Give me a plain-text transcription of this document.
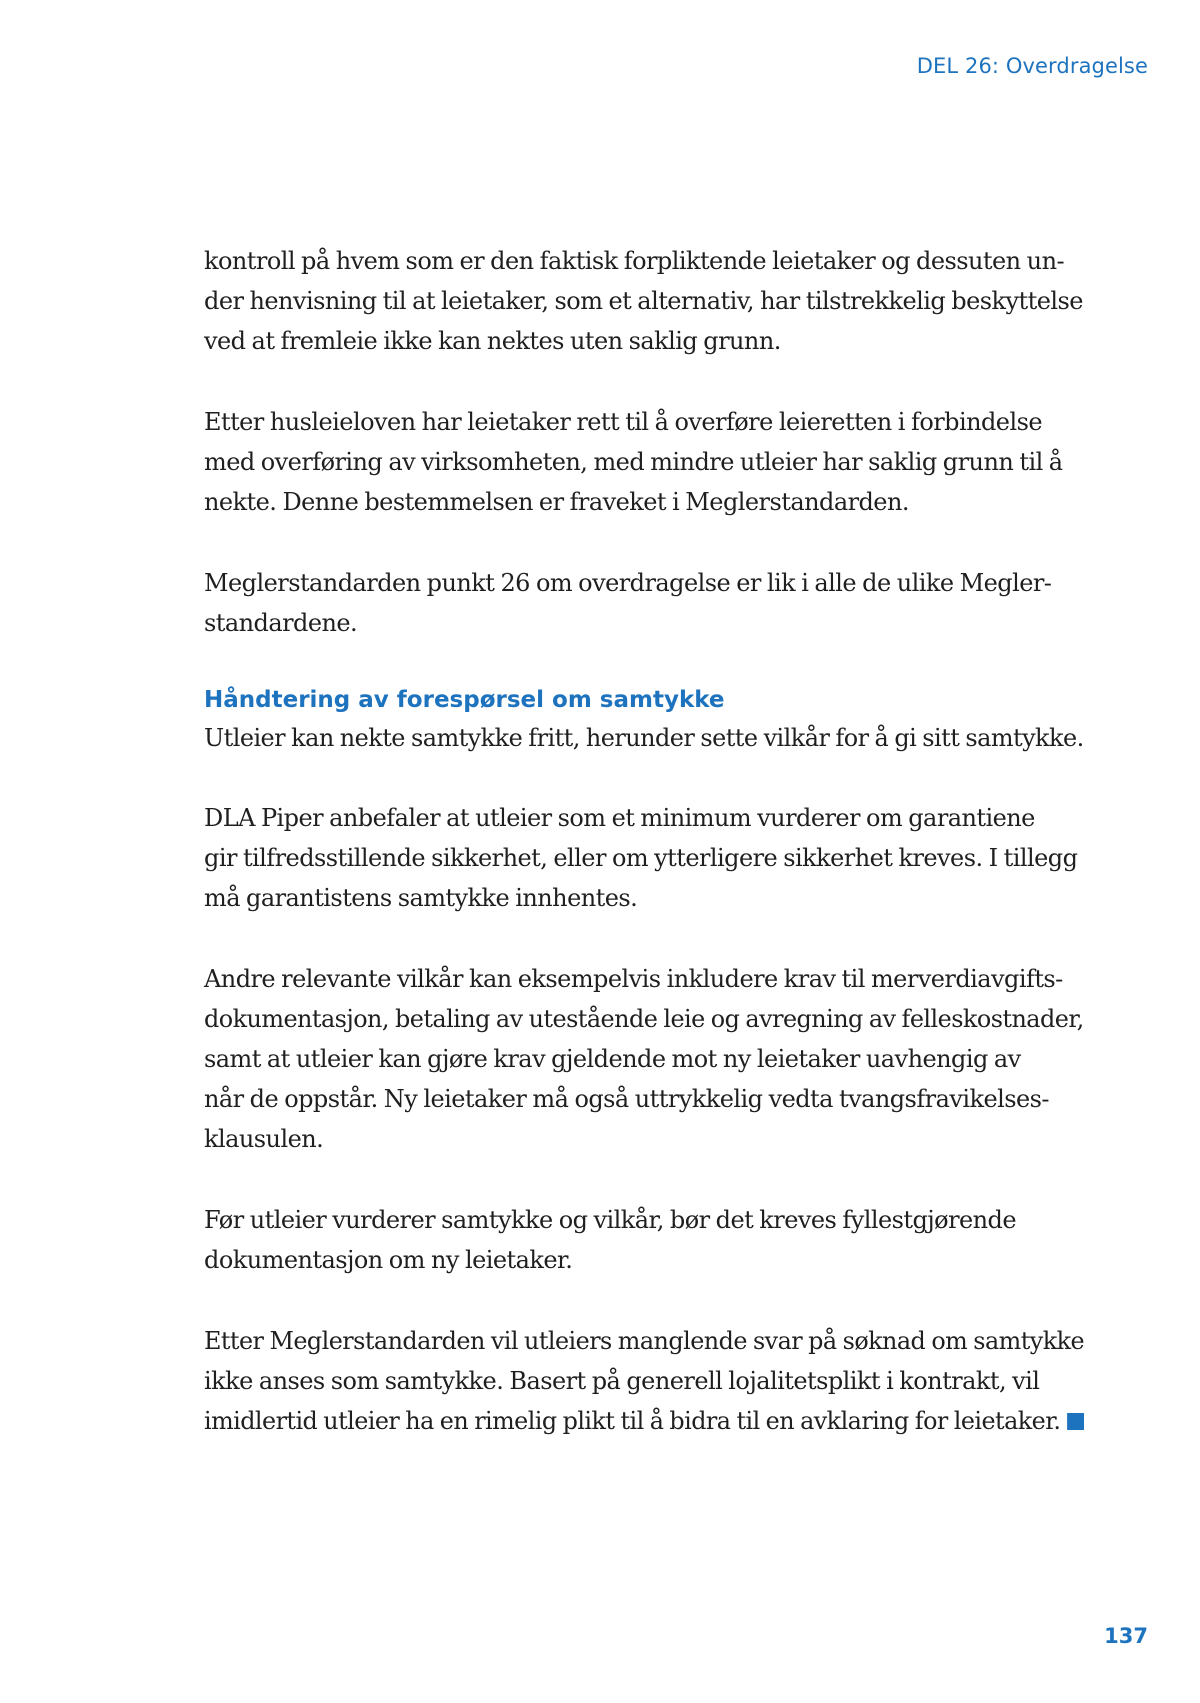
DEL 26: Overdragelse
kontroll på hvem som er den faktisk forpliktende leietaker og dessuten un-
der henvisning til at leietaker, som et alternativ, har tilstrekkelig beskyttelse
ved at fremleie ikke kan nektes uten saklig grunn.
Etter husleieloven har leietaker rett til å overføre leieretten i forbindelse
med overføring av virksomheten, med mindre utleier har saklig grunn til å
nekte. Denne bestemmelsen er fraveket i Meglerstandarden.
Meglerstandarden punkt 26 om overdragelse er lik i alle de ulike Megler-
standardene.
Håndtering av forespørsel om samtykke
Utleier kan nekte samtykke fritt, herunder sette vilkår for å gi sitt samtykke.
DLA Piper anbefaler at utleier som et minimum vurderer om garantiene
gir tilfredsstillende sikkerhet, eller om ytterligere sikkerhet kreves. I tillegg
må garantistens samtykke innhentes.
Andre relevante vilkår kan eksempelvis inkludere krav til merverdiavgifts-
dokumentasjon, betaling av utestående leie og avregning av felleskostnader,
samt at utleier kan gjøre krav gjeldende mot ny leietaker uavhengig av
når de oppstår. Ny leietaker må også uttrykkelig vedta tvangsfravikelses-
klausulen.
Før utleier vurderer samtykke og vilkår, bør det kreves fyllestgjørende
dokumentasjon om ny leietaker.
Etter Meglerstandarden vil utleiers manglende svar på søknad om samtykke
ikke anses som samtykke. Basert på generell lojalitetsplikt i kontrakt, vil
imidlertid utleier ha en rimelig plikt til å bidra til en avklaring for leietaker.
137
